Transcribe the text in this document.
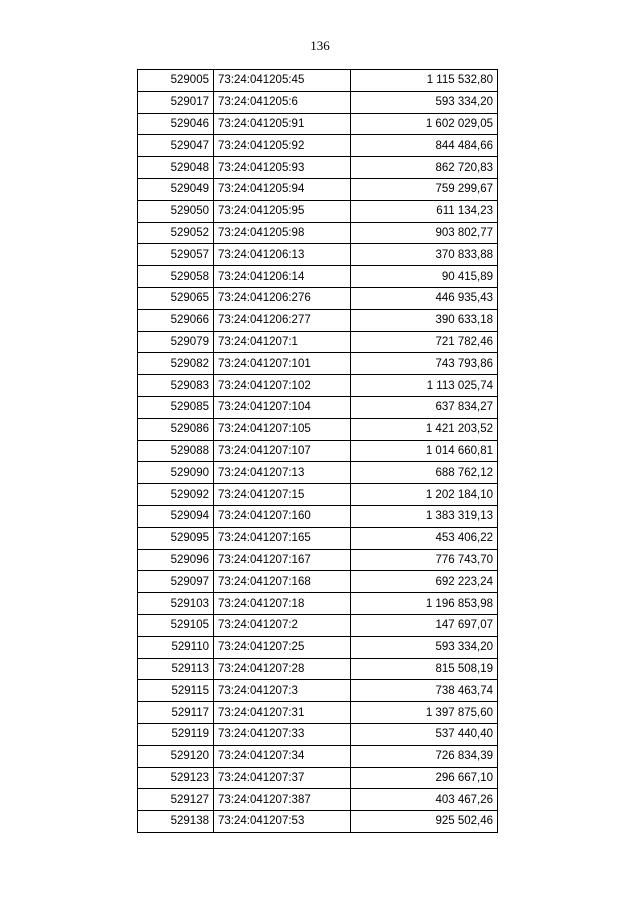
136
529005	73:24:041205:45	1 115 532,80
529017	73:24:041205:6	593 334,20
529046	73:24:041205:91	1 602 029,05
529047	73:24:041205:92	844 484,66
529048	73:24:041205:93	862 720,83
529049	73:24:041205:94	759 299,67
529050	73:24:041205:95	611 134,23
529052	73:24:041205:98	903 802,77
529057	73:24:041206:13	370 833,88
529058	73:24:041206:14	90 415,89
529065	73:24:041206:276	446 935,43
529066	73:24:041206:277	390 633,18
529079	73:24:041207:1	721 782,46
529082	73:24:041207:101	743 793,86
529083	73:24:041207:102	1 113 025,74
529085	73:24:041207:104	637 834,27
529086	73:24:041207:105	1 421 203,52
529088	73:24:041207:107	1 014 660,81
529090	73:24:041207:13	688 762,12
529092	73:24:041207:15	1 202 184,10
529094	73:24:041207:160	1 383 319,13
529095	73:24:041207:165	453 406,22
529096	73:24:041207:167	776 743,70
529097	73:24:041207:168	692 223,24
529103	73:24:041207:18	1 196 853,98
529105	73:24:041207:2	147 697,07
529110	73:24:041207:25	593 334,20
529113	73:24:041207:28	815 508,19
529115	73:24:041207:3	738 463,74
529117	73:24:041207:31	1 397 875,60
529119	73:24:041207:33	537 440,40
529120	73:24:041207:34	726 834,39
529123	73:24:041207:37	296 667,10
529127	73:24:041207:387	403 467,26
529138	73:24:041207:53	925 502,46
